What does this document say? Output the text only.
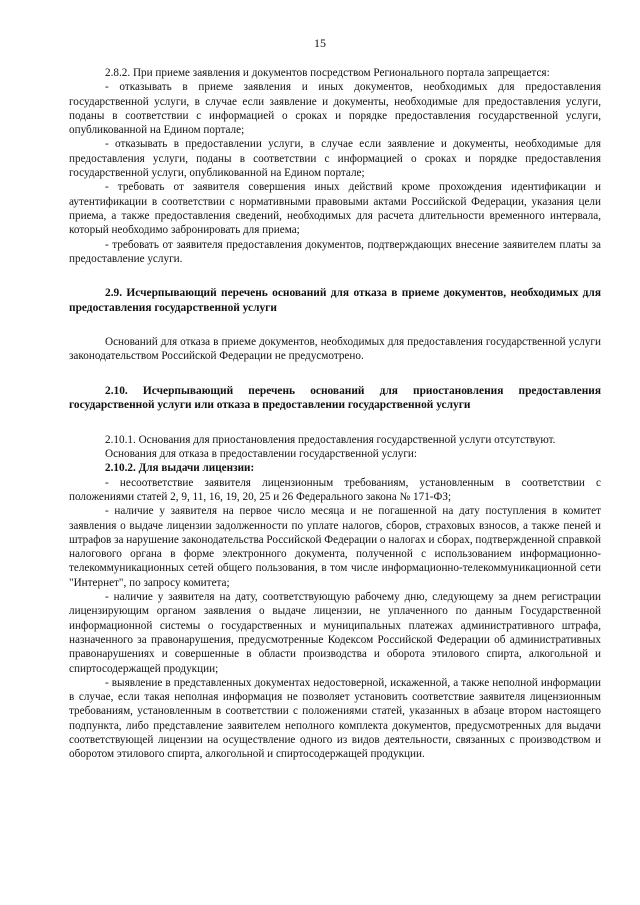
15

2.8.2. При приеме заявления и документов посредством Регионального портала запрещается:

- отказывать в приеме заявления и иных документов, необходимых для предоставления государственной услуги, в случае если заявление и документы, необходимые для предоставления услуги, поданы в соответствии с информацией о сроках и порядке предоставления государственной услуги, опубликованной на Едином портале;

- отказывать в предоставлении услуги, в случае если заявление и документы, необходимые для предоставления услуги, поданы в соответствии с информацией о сроках и порядке предоставления государственной услуги, опубликованной на Едином портале;

- требовать от заявителя совершения иных действий кроме прохождения идентификации и аутентификации в соответствии с нормативными правовыми актами Российской Федерации, указания цели приема, а также предоставления сведений, необходимых для расчета длительности временного интервала, который необходимо забронировать для приема;

- требовать от заявителя предоставления документов, подтверждающих внесение заявителем платы за предоставление услуги.

2.9. Исчерпывающий перечень оснований для отказа в приеме документов, необходимых для предоставления государственной услуги

Оснований для отказа в приеме документов, необходимых для предоставления государственной услуги законодательством Российской Федерации не предусмотрено.

2.10. Исчерпывающий перечень оснований для приостановления предоставления государственной услуги или отказа в предоставлении государственной услуги

2.10.1. Основания для приостановления предоставления государственной услуги отсутствуют.

Основания для отказа в предоставлении государственной услуги:

2.10.2. Для выдачи лицензии:

- несоответствие заявителя лицензионным требованиям, установленным в соответствии с положениями статей 2, 9, 11, 16, 19, 20, 25 и 26 Федерального закона № 171-ФЗ;

- наличие у заявителя на первое число месяца и не погашенной на дату поступления в комитет заявления о выдаче лицензии задолженности по уплате налогов, сборов, страховых взносов, а также пеней и штрафов за нарушение законодательства Российской Федерации о налогах и сборах, подтвержденной справкой налогового органа в форме электронного документа, полученной с использованием информационно-телекоммуникационных сетей общего пользования, в том числе информационно-телекоммуникационной сети "Интернет", по запросу комитета;

- наличие у заявителя на дату, соответствующую рабочему дню, следующему за днем регистрации лицензирующим органом заявления о выдаче лицензии, не уплаченного по данным Государственной информационной системы о государственных и муниципальных платежах административного штрафа, назначенного за правонарушения, предусмотренные Кодексом Российской Федерации об административных правонарушениях и совершенные в области производства и оборота этилового спирта, алкогольной и спиртосодержащей продукции;

- выявление в представленных документах недостоверной, искаженной, а также неполной информации в случае, если такая неполная информация не позволяет установить соответствие заявителя лицензионным требованиям, установленным в соответствии с положениями статей, указанных в абзаце втором настоящего подпункта, либо представление заявителем неполного комплекта документов, предусмотренных для выдачи соответствующей лицензии на осуществление одного из видов деятельности, связанных с производством и оборотом этилового спирта, алкогольной и спиртосодержащей продукции.
